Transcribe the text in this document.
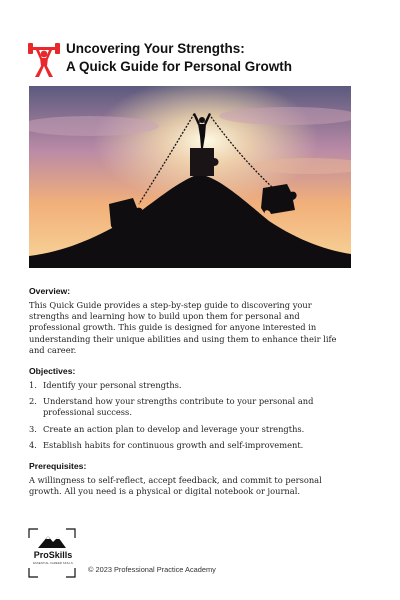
Uncovering Your Strengths:
A Quick Guide for Personal Growth
Overview:

This Quick Guide provides a step-by-step guide to discovering your strengths and learning how to build upon them for personal and professional growth. This guide is designed for anyone interested in understanding their unique abilities and using them to enhance their life and career.

Objectives:
1. Identify your personal strengths.
2. Understand how your strengths contribute to your personal and professional success.
3. Create an action plan to develop and leverage your strengths.
4. Establish habits for continuous growth and self-improvement.
Prerequisites:

A willingness to self-reflect, accept feedback, and commit to personal growth. All you need is a physical or digital notebook or journal.

ProSkills
ESSENTIAL CAREER SKILLS
© 2023 Professional Practice Academy
